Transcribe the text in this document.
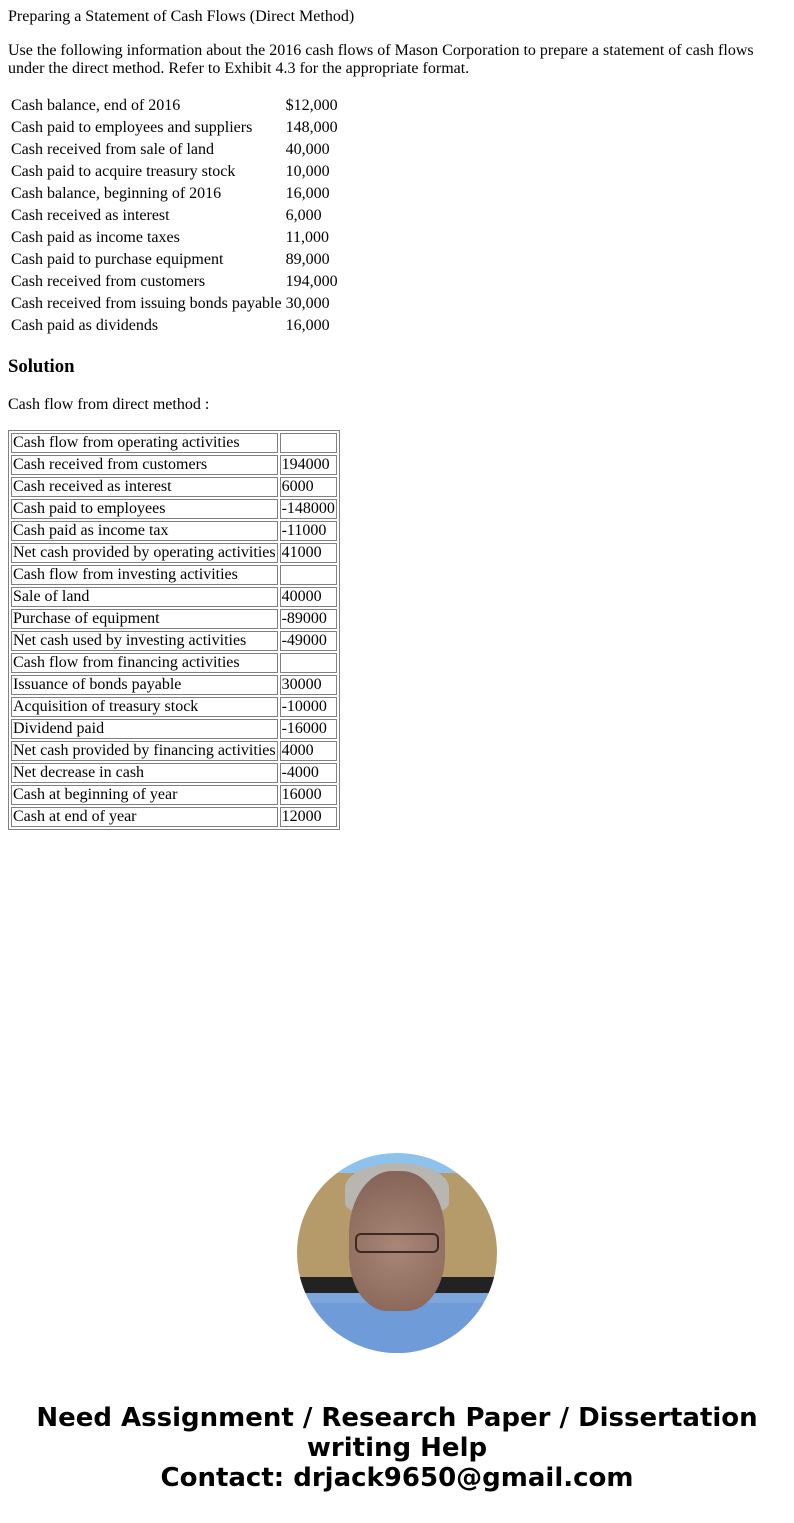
Preparing a Statement of Cash Flows (Direct Method)

Use the following information about the 2016 cash flows of Mason Corporation to prepare a statement of cash flows under the direct method. Refer to Exhibit 4.3 for the appropriate format.

Cash balance, end of 2016	$12,000
Cash paid to employees and suppliers	148,000
Cash received from sale of land	40,000
Cash paid to acquire treasury stock	10,000
Cash balance, beginning of 2016	16,000
Cash received as interest	6,000
Cash paid as income taxes	11,000
Cash paid to purchase equipment	89,000
Cash received from customers	194,000
Cash received from issuing bonds payable	30,000
Cash paid as dividends	16,000
Solution

Cash flow from direct method :

Cash flow from operating activities	
Cash received from customers	194000
Cash received as interest	6000
Cash paid to employees	-148000
Cash paid as income tax	-11000
Net cash provided by operating activities	41000
Cash flow from investing activities	
Sale of land	40000
Purchase of equipment	-89000
Net cash used by investing activities	-49000
Cash flow from financing activities	
Issuance of bonds payable	30000
Acquisition of treasury stock	-10000
Dividend paid	-16000
Net cash provided by financing activities	4000
Net decrease in cash	-4000
Cash at beginning of year	16000
Cash at end of year	12000
Need Assignment / Research Paper / Dissertation writing Help
Contact: drjack9650@gmail.com
